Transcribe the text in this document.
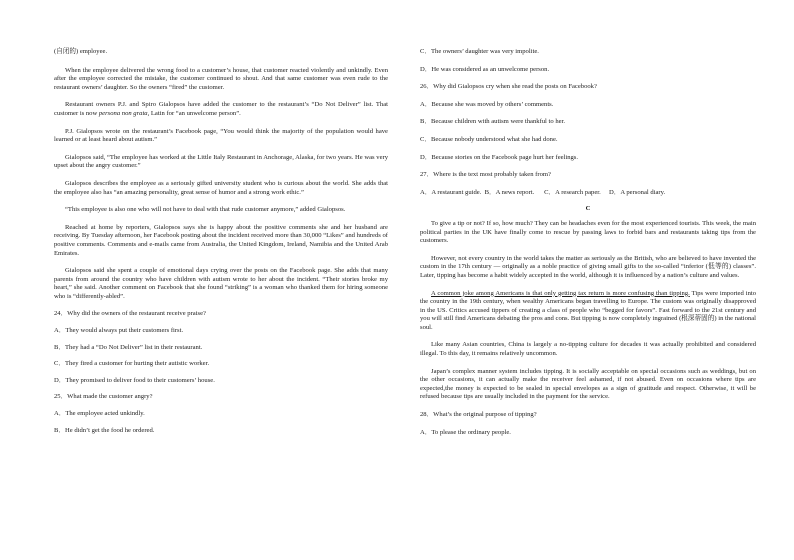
(自闭的) employee.

When the employee delivered the wrong food to a customer’s house, that customer reacted violently and unkindly. Even after the employee corrected the mistake, the customer continued to shout. And that same customer was even rude to the restaurant owners’ daughter. So the owners “fired” the customer.

Restaurant owners P.J. and Spiro Gialopsos have added the customer to the restaurant’s “Do Not Deliver” list. That customer is now persona non grata, Latin for “an unwelcome person”.

P.J. Gialopsos wrote on the restaurant’s Facebook page, “You would think the majority of the population would have learned or at least heard about autism.”

Gialopsos said, “The employee has worked at the Little Italy Restaurant in Anchorage, Alaska, for two years. He was very upset about the angry customer.”

Gialopsos describes the employee as a seriously gifted university student who is curious about the world. She adds that the employee also has “an amazing personality, great sense of humor and a strong work ethic.”

“This employee is also one who will not have to deal with that rude customer anymore,” added Gialopsos.

Reached at home by reporters, Gialopsos says she is happy about the positive comments she and her husband are receiving. By Tuesday afternoon, her Facebook posting about the incident received more than 30,000 “Likes” and hundreds of positive comments. Comments and e-mails came from Australia, the United Kingdom, Ireland, Namibia and the United Arab Emirates.

Gialopsos said she spent a couple of emotional days crying over the posts on the Facebook page. She adds that many parents from around the country who have children with autism wrote to her about the incident. “Their stories broke my heart,” she said. Another comment on Facebook that she found “striking” is a woman who thanked them for hiring someone who is “differently-abled”.

24．Why did the owners of the restaurant receive praise?

A．They would always put their customers first.

B．They had a “Do Not Deliver” list in their restaurant.

C．They fired a customer for hurting their autistic worker.

D．They promised to deliver food to their customers’ house.

25．What made the customer angry?

A．The employee acted unkindly.

B．He didn’t get the food he ordered.

C．The owners’ daughter was very impolite.

D．He was considered as an unwelcome person.

26．Why did Gialopsos cry when she read the posts on Facebook?

A．Because she was moved by others’ comments.

B．Because children with autism were thankful to her.

C．Because nobody understood what she had done.

D．Because stories on the Facebook page hurt her feelings.

27．Where is the text most probably taken from?

A．A restaurant guide.  B．A news report.      C．A research paper.     D．A personal diary.

C

To give a tip or not? If so, how much? They can be headaches even for the most experienced tourists. This week, the main political parties in the UK have finally come to rescue by passing laws to forbid bars and restaurants taking tips from the customers.

However, not every country in the world takes the matter as seriously as the British, who are believed to have invented the custom in the 17th century — originally as a noble practice of giving small gifts to the so-called “inferior (低等的) classes”. Later, tipping has become a habit widely accepted in the world, although it is influenced by a nation’s culture and values.

A common joke among Americans is that only getting tax return is more confusing than tipping. Tips were imported into the country in the 19th century, when wealthy Americans began travelling to Europe. The custom was originally disapproved in the US. Critics accused tippers of creating a class of people who “begged for favors”. Fast forward to the 21st century and you will still find Americans debating the pros and cons. But tipping is now completely ingrained (根深蒂固的) in the national soul.

Like many Asian countries, China is largely a no-tipping culture for decades it was actually prohibited and considered illegal. To this day, it remains relatively uncommon.

Japan’s complex manner system includes tipping. It is socially acceptable on special occasions such as weddings, but on the other occasions, it can actually make the receiver feel ashamed, if not abused. Even on occasions where tips are expected,the money is expected to be sealed in special envelopes as a sign of gratitude and respect. Otherwise, it will be refused because tips are usually included in the payment for the service.

28．What’s the original purpose of tipping?

A．To please the ordinary people.
